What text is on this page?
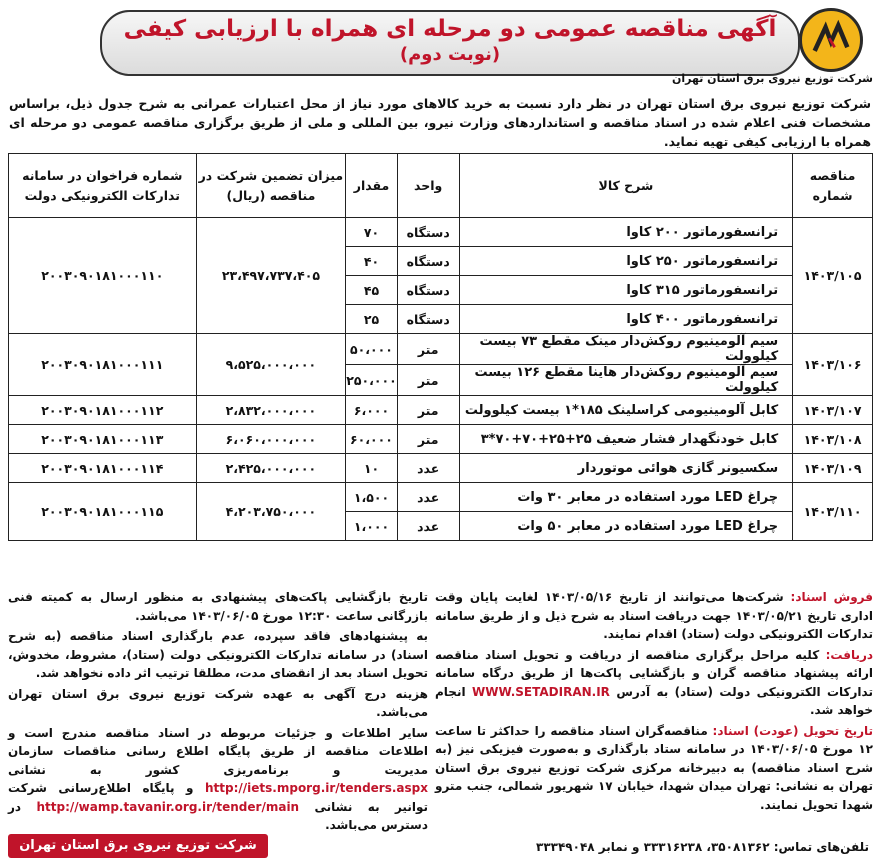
آگهی مناقصه عمومی دو مرحله ای همراه با ارزیابی کیفی
(نوبت دوم)
شرکت توزیع نیروی برق استان تهران
شرکت توزیع نیروی برق استان تهران در نظر دارد نسبت به خرید کالاهای مورد نیاز از محل اعتبارات عمرانی به شرح جدول ذیل، براساس مشخصات فنی اعلام شده در اسناد مناقصه و استانداردهای وزارت نیرو، بین المللی و ملی از طریق برگزاری مناقصه عمومی دو مرحله ای همراه با ارزیابی کیفی تهیه نماید.
مناقصه شماره	شرح کالا	واحد	مقدار	میزان تضمین شرکت در مناقصه (ریال)	شماره فراخوان در سامانه تدارکات الکترونیکی دولت
۱۴۰۳/۱۰۵	ترانسفورماتور ۲۰۰ کاوا	دستگاه	۷۰	۲۳،۴۹۷،۷۳۷،۴۰۵	۲۰۰۳۰۹۰۱۸۱۰۰۰۱۱۰
	ترانسفورماتور ۲۵۰ کاوا	دستگاه	۴۰		
	ترانسفورماتور ۳۱۵ کاوا	دستگاه	۴۵		
	ترانسفورماتور ۴۰۰ کاوا	دستگاه	۲۵		
۱۴۰۳/۱۰۶	سیم آلومینیوم روکش‌دار مینک مقطع ۷۳ بیست کیلوولت	متر	۵۰،۰۰۰	۹،۵۲۵،۰۰۰،۰۰۰	۲۰۰۳۰۹۰۱۸۱۰۰۰۱۱۱
	سیم آلومینیوم روکش‌دار هاینا مقطع ۱۲۶ بیست کیلوولت	متر	۲۵۰،۰۰۰		
۱۴۰۳/۱۰۷	کابل آلومینیومی کراسلینک ۱۸۵*۱ بیست کیلوولت	متر	۶،۰۰۰	۲،۸۳۲،۰۰۰،۰۰۰	۲۰۰۳۰۹۰۱۸۱۰۰۰۱۱۲
۱۴۰۳/۱۰۸	کابل خودنگهدار فشار ضعیف ۲۵+۲۵+۷۰+۷۰*۳	متر	۶۰،۰۰۰	۶،۰۶۰،۰۰۰،۰۰۰	۲۰۰۳۰۹۰۱۸۱۰۰۰۱۱۳
۱۴۰۳/۱۰۹	سکسیونر گازی هوائی موتوردار	عدد	۱۰	۲،۴۲۵،۰۰۰،۰۰۰	۲۰۰۳۰۹۰۱۸۱۰۰۰۱۱۴
۱۴۰۳/۱۱۰	چراغ LED مورد استفاده در معابر ۳۰ وات	عدد	۱،۵۰۰	۴،۲۰۳،۷۵۰،۰۰۰	۲۰۰۳۰۹۰۱۸۱۰۰۰۱۱۵
	چراغ LED مورد استفاده در معابر ۵۰ وات	عدد	۱،۰۰۰		

فروش اسناد: شرکت‌ها می‌توانند از تاریخ ۱۴۰۳/۰۵/۱۶ لغایت پایان وقت اداری تاریخ ۱۴۰۳/۰۵/۲۱ جهت دریافت اسناد به شرح ذیل و از طریق سامانه تدارکات الکترونیکی دولت (ستاد) اقدام نمایند.

دریافت: کلیه مراحل برگزاری مناقصه از دریافت و تحویل اسناد مناقصه ارائه پیشنهاد مناقصه گران و بازگشایی پاکت‌ها از طریق درگاه سامانه تدارکات الکترونیکی دولت (ستاد) به آدرس WWW.SETADIRAN.IR انجام خواهد شد.

تاریخ تحویل (عودت) اسناد: مناقصه‌گران اسناد مناقصه را حداکثر تا ساعت ۱۲ مورخ ۱۴۰۳/۰۶/۰۵ در سامانه ستاد بارگذاری و به‌صورت فیزیکی نیز (به شرح اسناد مناقصه) به دبیرخانه مرکزی شرکت توزیع نیروی برق استان تهران به نشانی: تهران میدان شهدا، خیابان ۱۷ شهریور شمالی، جنب مترو شهدا تحویل نمایند.

تاریخ بازگشایی پاکت‌های پیشنهادی به منظور ارسال به کمیته فنی بازرگانی ساعت ۱۲:۳۰ مورخ ۱۴۰۳/۰۶/۰۵ می‌باشد.

به پیشنهادهای فاقد سپرده، عدم بارگذاری اسناد مناقصه (به شرح اسناد) در سامانه تدارکات الکترونیکی دولت (ستاد)، مشروط، مخدوش، تحویل اسناد بعد از انقضای مدت، مطلقا ترتیب اثر داده نخواهد شد.

هزینه درج آگهی به عهده شرکت توزیع نیروی برق استان تهران می‌باشد.

سایر اطلاعات و جزئیات مربوطه در اسناد مناقصه مندرج است و اطلاعات مناقصه از طریق پایگاه اطلاع رسانی مناقصات سازمان مدیریت و برنامه‌ریزی کشور به نشانی http://iets.mporg.ir/tenders.aspx و پایگاه اطلاع‌رسانی شرکت توانیر به نشانی http://wamp.tavanir.org.ir/tender/main در دسترس می‌باشد.

تلفن‌های تماس: ۳۵۰۸۱۳۶۲، ۳۳۳۱۶۲۳۸ و نمابر ۳۳۳۴۹۰۴۸
شرکت توزیع نیروی برق استان تهران
